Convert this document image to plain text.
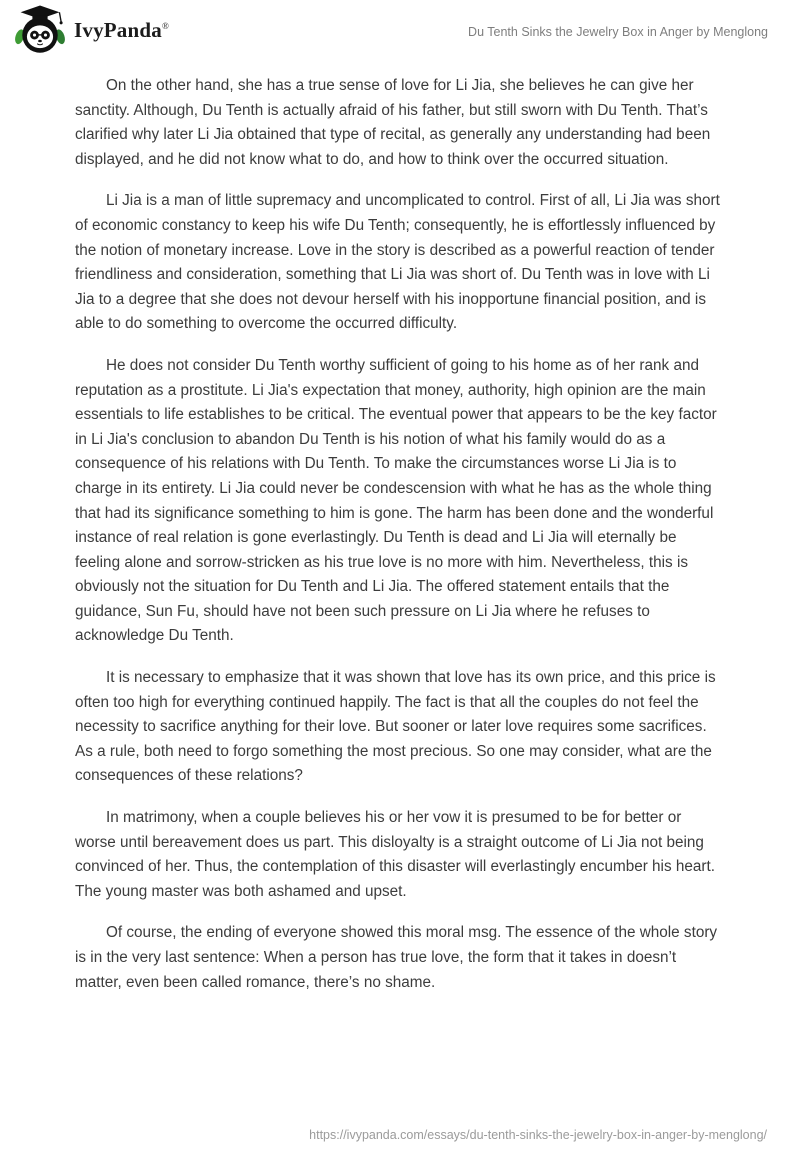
IvyPanda®	Du Tenth Sinks the Jewelry Box in Anger by Menglong

On the other hand, she has a true sense of love for Li Jia, she believes he can give her sanctity. Although, Du Tenth is actually afraid of his father, but still sworn with Du Tenth. That’s clarified why later Li Jia obtained that type of recital, as generally any understanding had been displayed, and he did not know what to do, and how to think over the occurred situation.

Li Jia is a man of little supremacy and uncomplicated to control. First of all, Li Jia was short of economic constancy to keep his wife Du Tenth; consequently, he is effortlessly influenced by the notion of monetary increase. Love in the story is described as a powerful reaction of tender friendliness and consideration, something that Li Jia was short of. Du Tenth was in love with Li Jia to a degree that she does not devour herself with his inopportune financial position, and is able to do something to overcome the occurred difficulty.

He does not consider Du Tenth worthy sufficient of going to his home as of her rank and reputation as a prostitute. Li Jia's expectation that money, authority, high opinion are the main essentials to life establishes to be critical. The eventual power that appears to be the key factor in Li Jia's conclusion to abandon Du Tenth is his notion of what his family would do as a consequence of his relations with Du Tenth. To make the circumstances worse Li Jia is to charge in its entirety. Li Jia could never be condescension with what he has as the whole thing that had its significance something to him is gone. The harm has been done and the wonderful instance of real relation is gone everlastingly. Du Tenth is dead and Li Jia will eternally be feeling alone and sorrow-stricken as his true love is no more with him. Nevertheless, this is obviously not the situation for Du Tenth and Li Jia. The offered statement entails that the guidance, Sun Fu, should have not been such pressure on Li Jia where he refuses to acknowledge Du Tenth.

It is necessary to emphasize that it was shown that love has its own price, and this price is often too high for everything continued happily. The fact is that all the couples do not feel the necessity to sacrifice anything for their love. But sooner or later love requires some sacrifices. As a rule, both need to forgo something the most precious. So one may consider, what are the consequences of these relations?

In matrimony, when a couple believes his or her vow it is presumed to be for better or worse until bereavement does us part. This disloyalty is a straight outcome of Li Jia not being convinced of her. Thus, the contemplation of this disaster will everlastingly encumber his heart. The young master was both ashamed and upset.

Of course, the ending of everyone showed this moral msg. The essence of the whole story is in the very last sentence: When a person has true love, the form that it takes in doesn’t matter, even been called romance, there’s no shame.

https://ivypanda.com/essays/du-tenth-sinks-the-jewelry-box-in-anger-by-menglong/
